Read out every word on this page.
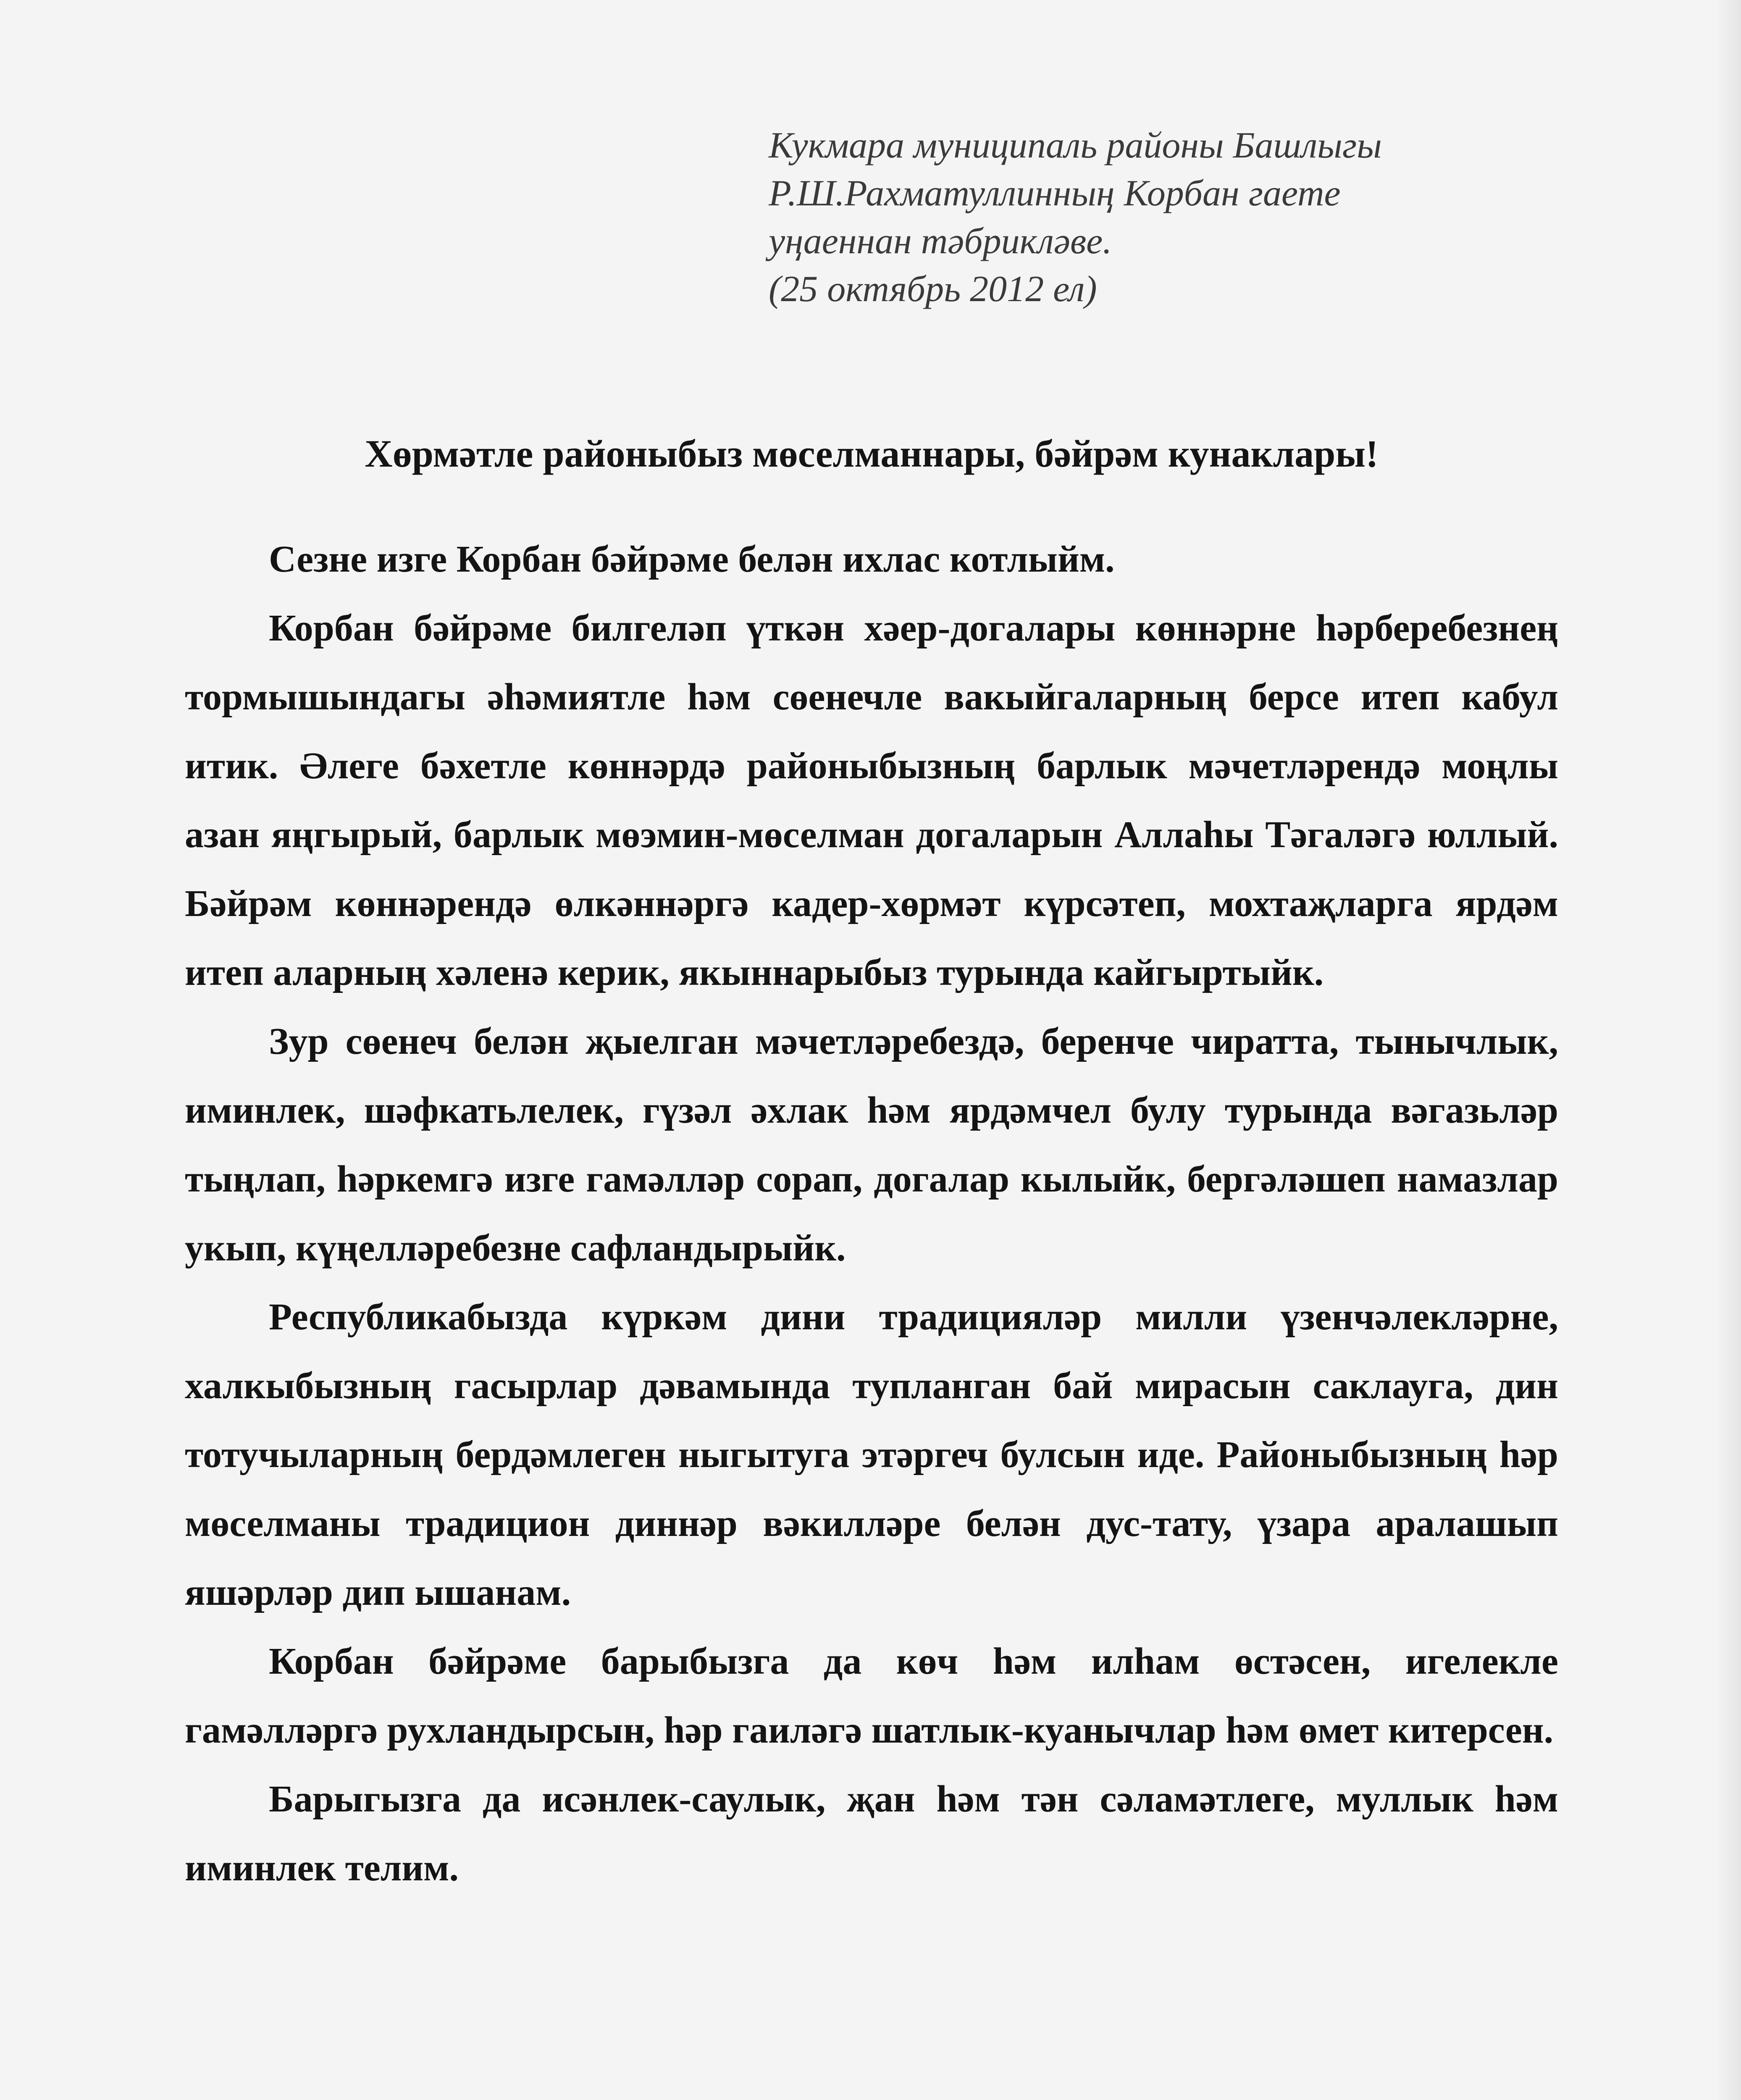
Кукмара муниципаль районы Башлыгы
Р.Ш.Рахматуллинның Корбан гаете
уңаеннан тәбрикләве.
(25 октябрь 2012 ел)
Хөрмәтле районыбыз мөселманнары, бәйрәм кунаклары!

Сезне изге Корбан бәйрәме белән ихлас котлыйм.

Корбан бәйрәме билгеләп үткән хәер-догалары көннәрне һәрберебезнең тормышындагы әһәмиятле һәм сөенечле вакыйгаларның берсе итеп кабул итик. Әлеге бәхетле көннәрдә районыбызның барлык мәчетләрендә моңлы азан яңгырый, барлык мөэмин-мөселман догаларын Аллаһы Тәгаләгә юллый. Бәйрәм көннәрендә өлкәннәргә кадер-хөрмәт күрсәтеп, мохтаҗларга ярдәм итеп аларның хәленә керик, якыннарыбыз турында кайгыртыйк.

Зур сөенеч белән җыелган мәчетләребездә, беренче чиратта, тынычлык, иминлек, шәфкатьлелек, гүзәл әхлак һәм ярдәмчел булу турында вәгазьләр тыңлап, һәркемгә изге гамәлләр сорап, догалар кылыйк, бергәләшеп намазлар укып, күңелләребезне сафландырыйк.

Республикабызда күркәм дини традицияләр милли үзенчәлекләрне, халкыбызның гасырлар дәвамында тупланган бай мирасын саклауга, дин тотучыларның бердәмлеген ныгытуга этәргеч булсын иде. Районыбызның һәр мөселманы традицион диннәр вәкилләре белән дус-тату, үзара аралашып яшәрләр дип ышанам.

Корбан бәйрәме барыбызга да көч һәм илһам өстәсен, игелекле гамәлләргә рухландырсын, һәр гаиләгә шатлык-куанычлар һәм өмет китерсен.

Барыгызга да исәнлек-саулык, җан һәм тән сәламәтлеге, муллык һәм иминлек телим.
